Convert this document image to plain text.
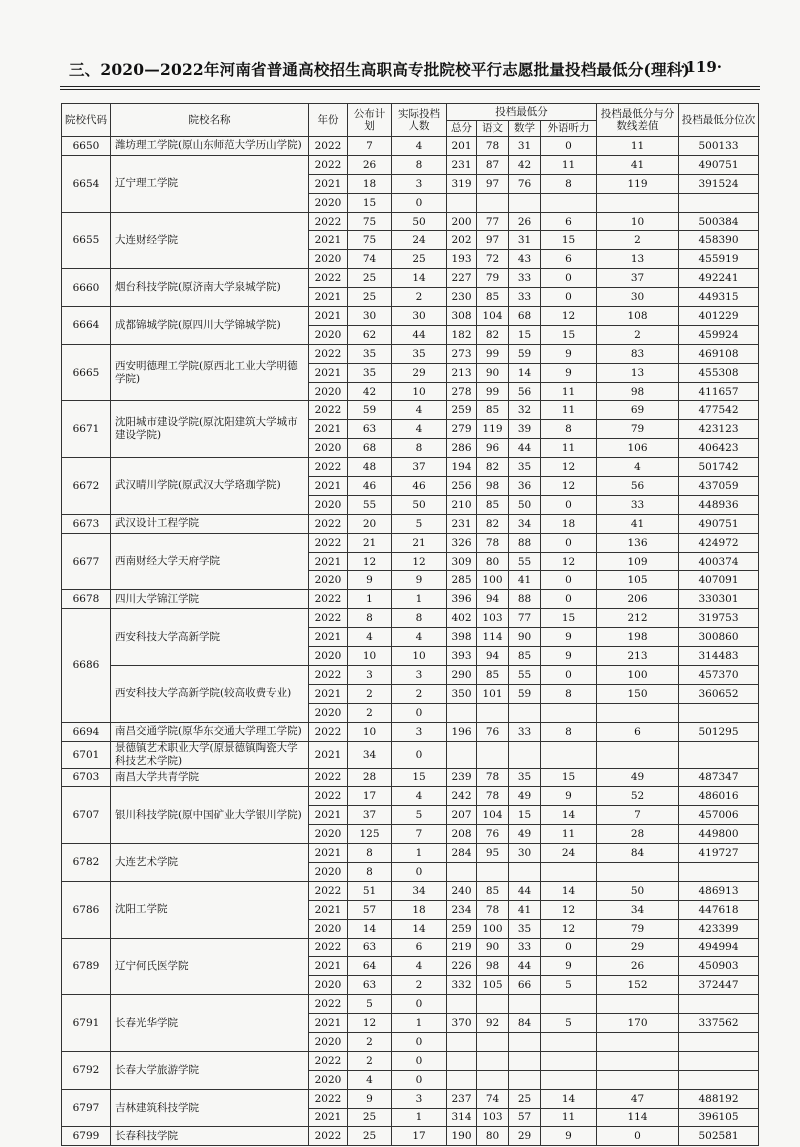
三、2020—2022年河南省普通高校招生高职高专批院校平行志愿批量投档最低分(理科)
·119·
院校代码	院校名称	年份	公布计划	实际投档人数	投档最低分				投档最低分与分数线差值	投档最低分位次
					总分	语文	数学	外语听力		
6650	潍坊理工学院(原山东师范大学历山学院)	2022	7	4	201	78	31	0	11	500133
6654	辽宁理工学院	2022	26	8	231	87	42	11	41	490751
		2021	18	3	319	97	76	8	119	391524
		2020	15	0						
6655	大连财经学院	2022	75	50	200	77	26	6	10	500384
		2021	75	24	202	97	31	15	2	458390
		2020	74	25	193	72	43	6	13	455919
6660	烟台科技学院(原济南大学泉城学院)	2022	25	14	227	79	33	0	37	492241
		2021	25	2	230	85	33	0	30	449315
6664	成都锦城学院(原四川大学锦城学院)	2021	30	30	308	104	68	12	108	401229
		2020	62	44	182	82	15	15	2	459924
6665	西安明德理工学院(原西北工业大学明德学院)	2022	35	35	273	99	59	9	83	469108
		2021	35	29	213	90	14	9	13	455308
		2020	42	10	278	99	56	11	98	411657
6671	沈阳城市建设学院(原沈阳建筑大学城市建设学院)	2022	59	4	259	85	32	11	69	477542
		2021	63	4	279	119	39	8	79	423123
		2020	68	8	286	96	44	11	106	406423
6672	武汉晴川学院(原武汉大学珞珈学院)	2022	48	37	194	82	35	12	4	501742
		2021	46	46	256	98	36	12	56	437059
		2020	55	50	210	85	50	0	33	448936
6673	武汉设计工程学院	2022	20	5	231	82	34	18	41	490751
6677	西南财经大学天府学院	2022	21	21	326	78	88	0	136	424972
		2021	12	12	309	80	55	12	109	400374
		2020	9	9	285	100	41	0	105	407091
6678	四川大学锦江学院	2022	1	1	396	94	88	0	206	330301
6686	西安科技大学高新学院	2022	8	8	402	103	77	15	212	319753
		2021	4	4	398	114	90	9	198	300860
		2020	10	10	393	94	85	9	213	314483
	西安科技大学高新学院(较高收费专业)	2022	3	3	290	85	55	0	100	457370
		2021	2	2	350	101	59	8	150	360652
		2020	2	0						
6694	南昌交通学院(原华东交通大学理工学院)	2022	10	3	196	76	33	8	6	501295
6701	景德镇艺术职业大学(原景德镇陶瓷大学科技艺术学院)	2021	34	0						
6703	南昌大学共青学院	2022	28	15	239	78	35	15	49	487347
6707	银川科技学院(原中国矿业大学银川学院)	2022	17	4	242	78	49	9	52	486016
		2021	37	5	207	104	15	14	7	457006
		2020	125	7	208	76	49	11	28	449800
6782	大连艺术学院	2021	8	1	284	95	30	24	84	419727
		2020	8	0						
6786	沈阳工学院	2022	51	34	240	85	44	14	50	486913
		2021	57	18	234	78	41	12	34	447618
		2020	14	14	259	100	35	12	79	423399
6789	辽宁何氏医学院	2022	63	6	219	90	33	0	29	494994
		2021	64	4	226	98	44	9	26	450903
		2020	63	2	332	105	66	5	152	372447
6791	长春光华学院	2022	5	0						
		2021	12	1	370	92	84	5	170	337562
		2020	2	0						
6792	长春大学旅游学院	2022	2	0						
		2020	4	0						
6797	吉林建筑科技学院	2022	9	3	237	74	25	14	47	488192
		2021	25	1	314	103	57	11	114	396105
6799	长春科技学院	2022	25	17	190	80	29	9	0	502581
